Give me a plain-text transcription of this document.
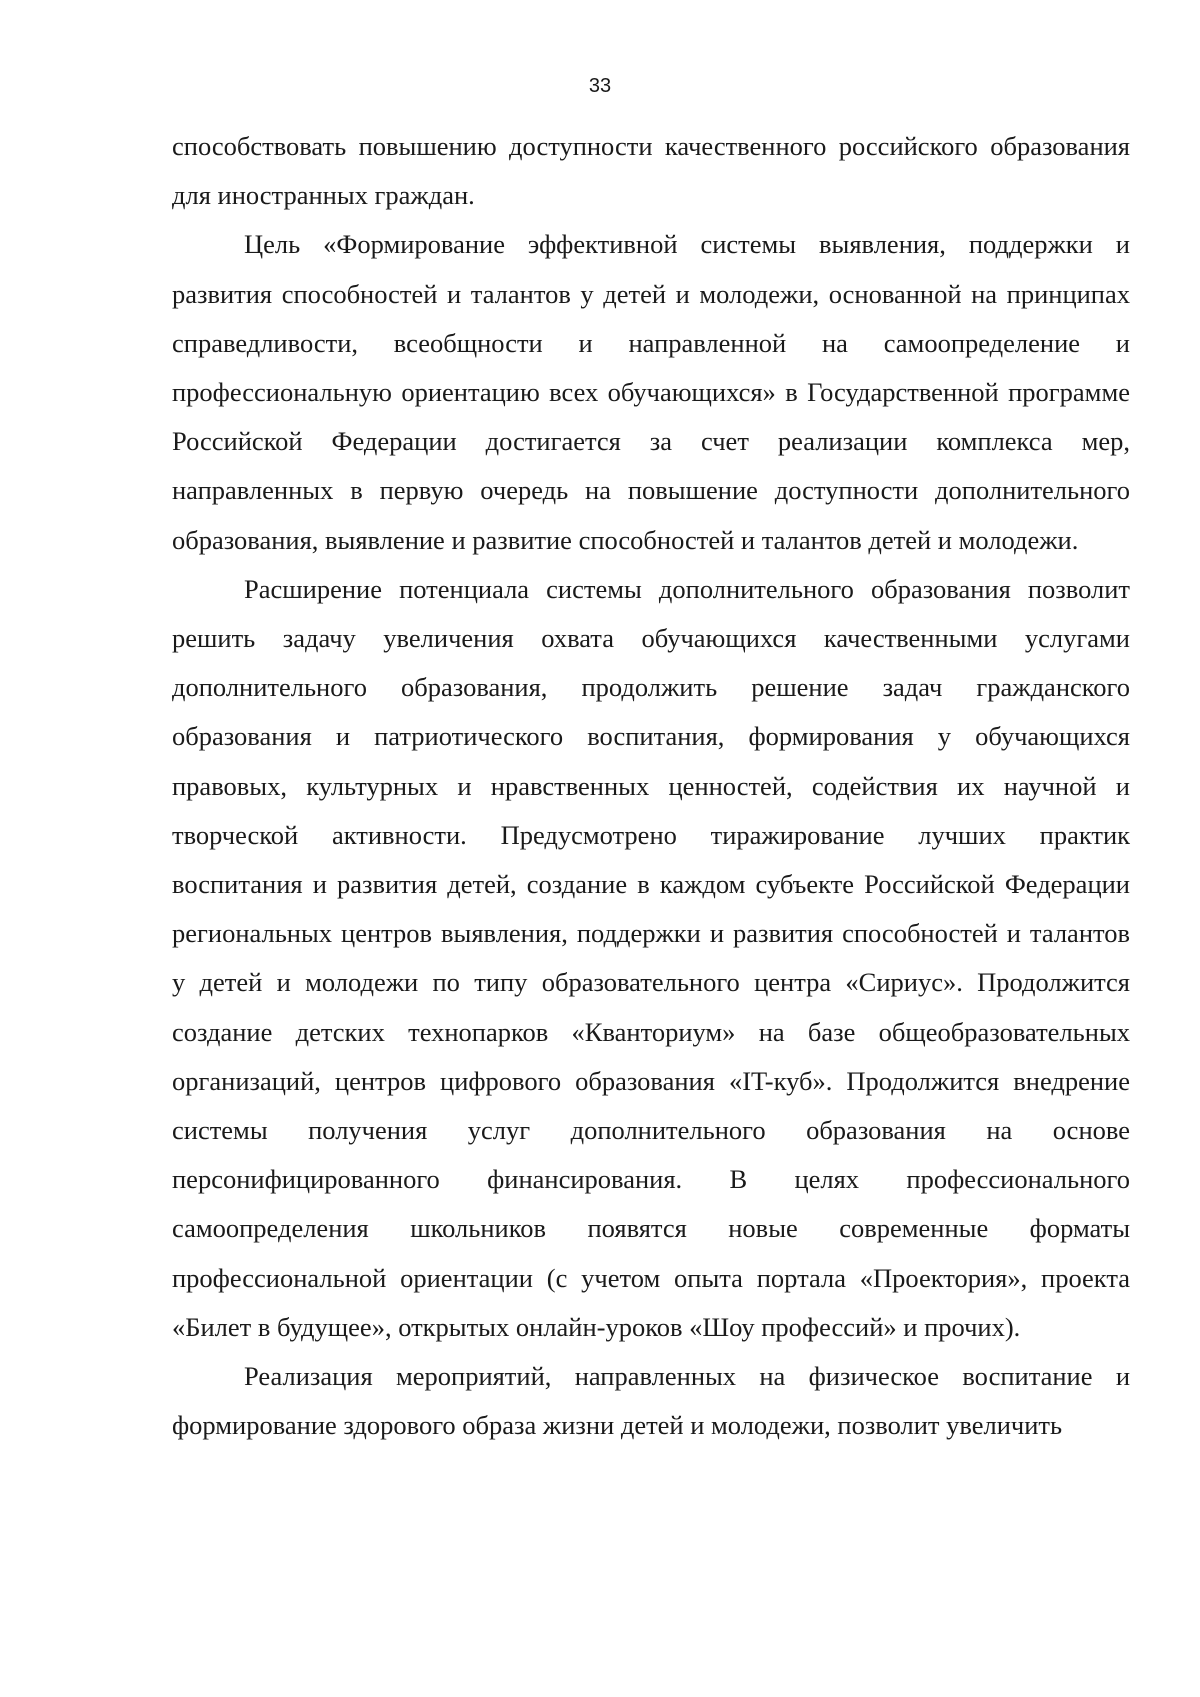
33

способствовать повышению доступности качественного российского образования для иностранных граждан.

Цель «Формирование эффективной системы выявления, поддержки и развития способностей и талантов у детей и молодежи, основанной на принципах справедливости, всеобщности и направленной на самоопределение и профессиональную ориентацию всех обучающихся» в Государственной программе Российской Федерации достигается за счет реализации комплекса мер, направленных в первую очередь на повышение доступности дополнительного образования, выявление и развитие способностей и талантов детей и молодежи.

Расширение потенциала системы дополнительного образования позволит решить задачу увеличения охвата обучающихся качественными услугами дополнительного образования, продолжить решение задач гражданского образования и патриотического воспитания, формирования у обучающихся правовых, культурных и нравственных ценностей, содействия их научной и творческой активности. Предусмотрено тиражирование лучших практик воспитания и развития детей, создание в каждом субъекте Российской Федерации региональных центров выявления, поддержки и развития способностей и талантов у детей и молодежи по типу образовательного центра «Сириус». Продолжится создание детских технопарков «Кванториум» на базе общеобразовательных организаций, центров цифрового образования «IT-куб». Продолжится внедрение системы получения услуг дополнительного образования на основе персонифицированного финансирования. В целях профессионального самоопределения школьников появятся новые современные форматы профессиональной ориентации (с учетом опыта портала «Проектория», проекта «Билет в будущее», открытых онлайн-уроков «Шоу профессий» и прочих).

Реализация мероприятий, направленных на физическое воспитание и формирование здорового образа жизни детей и молодежи, позволит увеличить
